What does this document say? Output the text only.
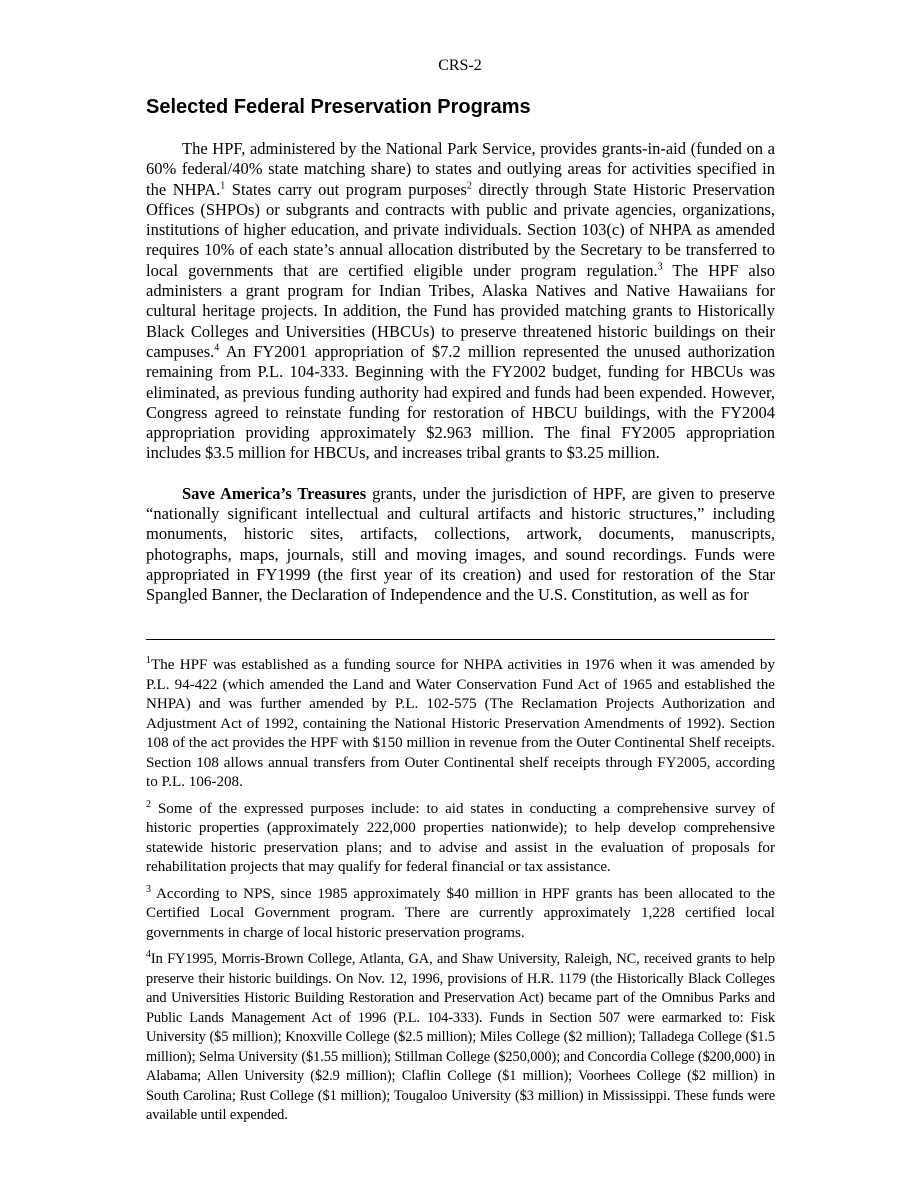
CRS-2
Selected Federal Preservation Programs

The HPF, administered by the National Park Service, provides grants-in-aid (funded on a 60% federal/40% state matching share) to states and outlying areas for activities specified in the NHPA.$^1$ States carry out program purposes$^2$ directly through State Historic Preservation Offices (SHPOs) or subgrants and contracts with public and private agencies, organizations, institutions of higher education, and private individuals. Section 103(c) of NHPA as amended requires 10% of each state’s annual allocation distributed by the Secretary to be transferred to local governments that are certified eligible under program regulation.$^3$ The HPF also administers a grant program for Indian Tribes, Alaska Natives and Native Hawaiians for cultural heritage projects. In addition, the Fund has provided matching grants to Historically Black Colleges and Universities (HBCUs) to preserve threatened historic buildings on their campuses.$^4$ An FY2001 appropriation of $7.2 million represented the unused authorization remaining from P.L. 104-333. Beginning with the FY2002 budget, funding for HBCUs was eliminated, as previous funding authority had expired and funds had been expended. However, Congress agreed to reinstate funding for restoration of HBCU buildings, with the FY2004 appropriation providing approximately $2.963 million. The final FY2005 appropriation includes $3.5 million for HBCUs, and increases tribal grants to $3.25 million.

Save America’s Treasures grants, under the jurisdiction of HPF, are given to preserve “nationally significant intellectual and cultural artifacts and historic structures,” including monuments, historic sites, artifacts, collections, artwork, documents, manuscripts, photographs, maps, journals, still and moving images, and sound recordings. Funds were appropriated in FY1999 (the first year of its creation) and used for restoration of the Star Spangled Banner, the Declaration of Independence and the U.S. Constitution, as well as for

$^1$The HPF was established as a funding source for NHPA activities in 1976 when it was amended by P.L. 94-422 (which amended the Land and Water Conservation Fund Act of 1965 and established the NHPA) and was further amended by P.L. 102-575 (The Reclamation Projects Authorization and Adjustment Act of 1992, containing the National Historic Preservation Amendments of 1992). Section 108 of the act provides the HPF with $150 million in revenue from the Outer Continental Shelf receipts. Section 108 allows annual transfers from Outer Continental shelf receipts through FY2005, according to P.L. 106-208.
$^2$ Some of the expressed purposes include: to aid states in conducting a comprehensive survey of historic properties (approximately 222,000 properties nationwide); to help develop comprehensive statewide historic preservation plans; and to advise and assist in the evaluation of proposals for rehabilitation projects that may qualify for federal financial or tax assistance.
$^3$ According to NPS, since 1985 approximately $40 million in HPF grants has been allocated to the Certified Local Government program. There are currently approximately 1,228 certified local governments in charge of local historic preservation programs.
$^4$In FY1995, Morris-Brown College, Atlanta, GA, and Shaw University, Raleigh, NC, received grants to help preserve their historic buildings. On Nov. 12, 1996, provisions of H.R. 1179 (the Historically Black Colleges and Universities Historic Building Restoration and Preservation Act) became part of the Omnibus Parks and Public Lands Management Act of 1996 (P.L. 104-333). Funds in Section 507 were earmarked to: Fisk University ($5 million); Knoxville College ($2.5 million); Miles College ($2 million); Talladega College ($1.5 million); Selma University ($1.55 million); Stillman College ($250,000); and Concordia College ($200,000) in Alabama; Allen University ($2.9 million); Claflin College ($1 million); Voorhees College ($2 million) in South Carolina; Rust College ($1 million); Tougaloo University ($3 million) in Mississippi. These funds were available until expended.
